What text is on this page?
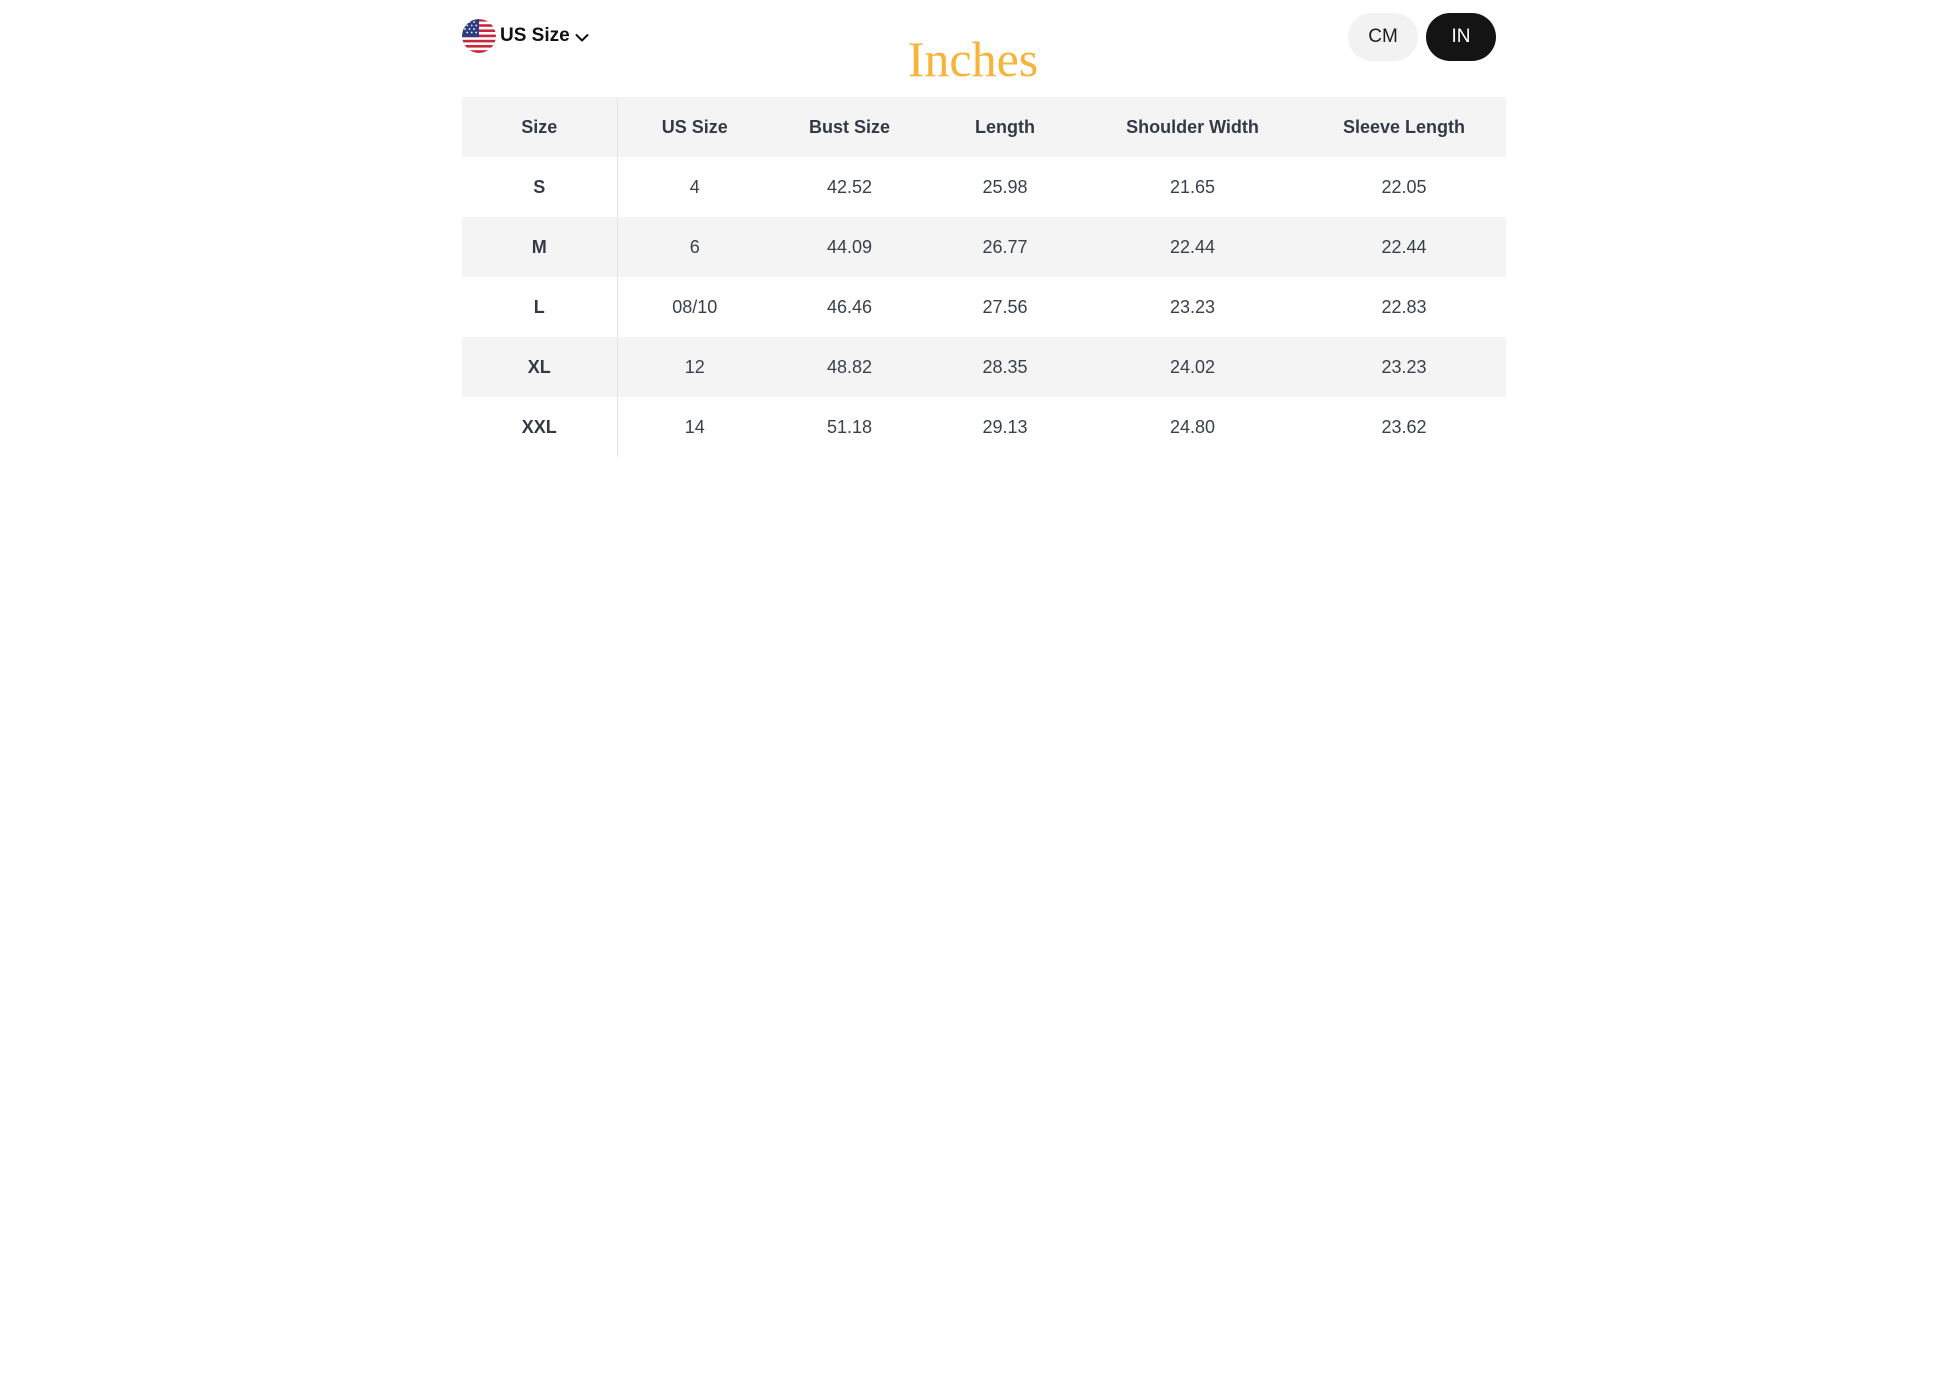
US Size	Inches	CM	IN
Size	US Size	Bust Size	Length	Shoulder Width	Sleeve Length
S	4	42.52	25.98	21.65	22.05
M	6	44.09	26.77	22.44	22.44
L	08/10	46.46	27.56	23.23	22.83
XL	12	48.82	28.35	24.02	23.23
XXL	14	51.18	29.13	24.80	23.62
